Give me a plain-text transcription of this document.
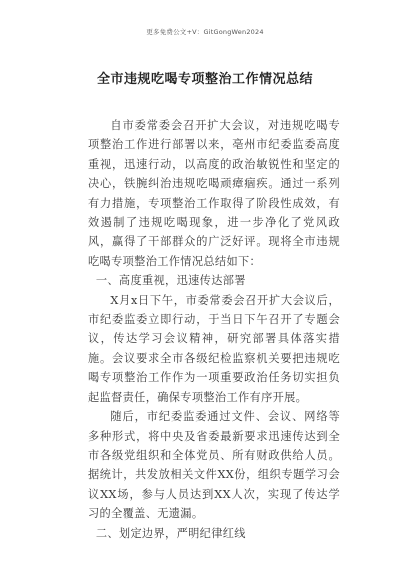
更多免费公文+V：GitGongWen2024
全市违规吃喝专项整治工作情况总结

自市委常委会召开扩大会议，对违规吃喝专项整治工作进行部署以来，亳州市纪委监委高度重视，迅速行动，以高度的政治敏锐性和坚定的决心，铁腕纠治违规吃喝顽瘴痼疾。通过一系列有力措施，专项整治工作取得了阶段性成效，有效遏制了违规吃喝现象，进一步净化了党风政风，赢得了干部群众的广泛好评。现将全市违规吃喝专项整治工作情况总结如下：

一、高度重视，迅速传达部署

X月x日下午，市委常委会召开扩大会议后，市纪委监委立即行动，于当日下午召开了专题会议，传达学习会议精神，研究部署具体落实措施。会议要求全市各级纪检监察机关要把违规吃喝专项整治工作作为一项重要政治任务切实担负起监督责任，确保专项整治工作有序开展。

随后，市纪委监委通过文件、会议、网络等多种形式，将中央及省委最新要求迅速传达到全市各级党组织和全体党员、所有财政供给人员。据统计，共发放相关文件XX份，组织专题学习会议XX场，参与人员达到XX人次，实现了传达学习的全覆盖、无遗漏。

二、划定边界，严明纪律红线
